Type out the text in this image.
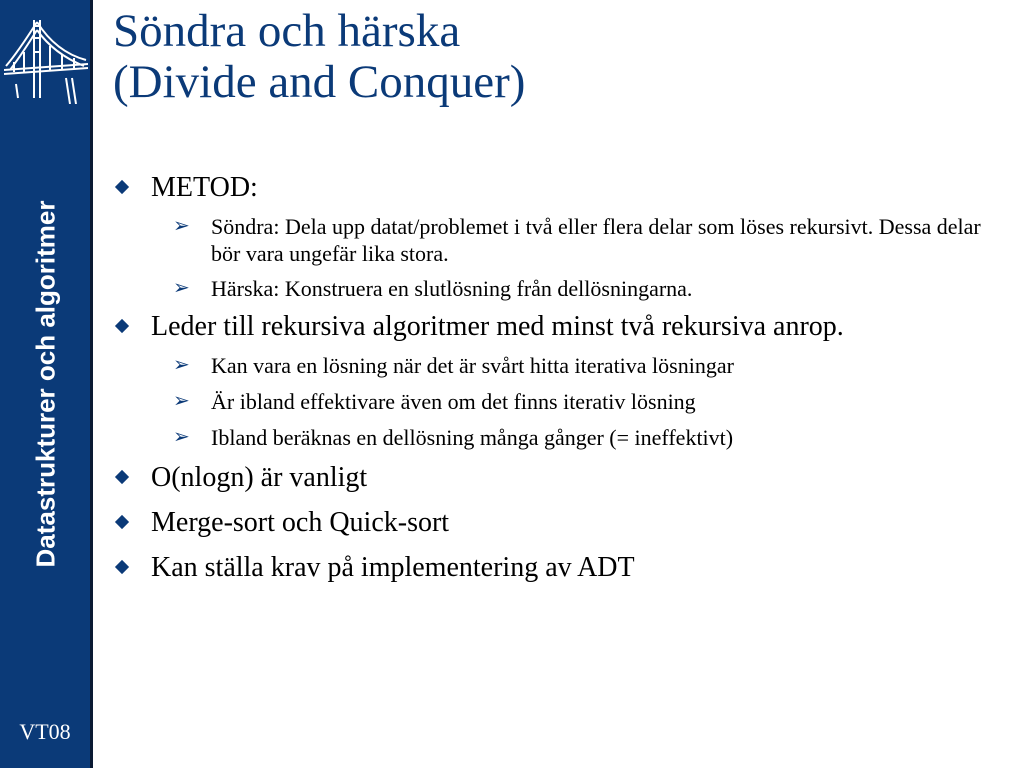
Datastrukturer och algoritmer
VT08
Söndra och härska
(Divide and Conquer)
METOD:
➢ Söndra: Dela upp datat/problemet i två eller flera delar som löses rekursivt. Dessa delar bör vara ungefär lika stora.
➢ Härska: Konstruera en slutlösning från dellösningarna.
Leder till rekursiva algoritmer med minst två rekursiva anrop.
➢ Kan vara en lösning när det är svårt hitta iterativa lösningar
➢ Är ibland effektivare även om det finns iterativ lösning
➢ Ibland beräknas en dellösning många gånger (= ineffektivt)
O(nlogn) är vanligt
Merge-sort och Quick-sort
Kan ställa krav på implementering av ADT
